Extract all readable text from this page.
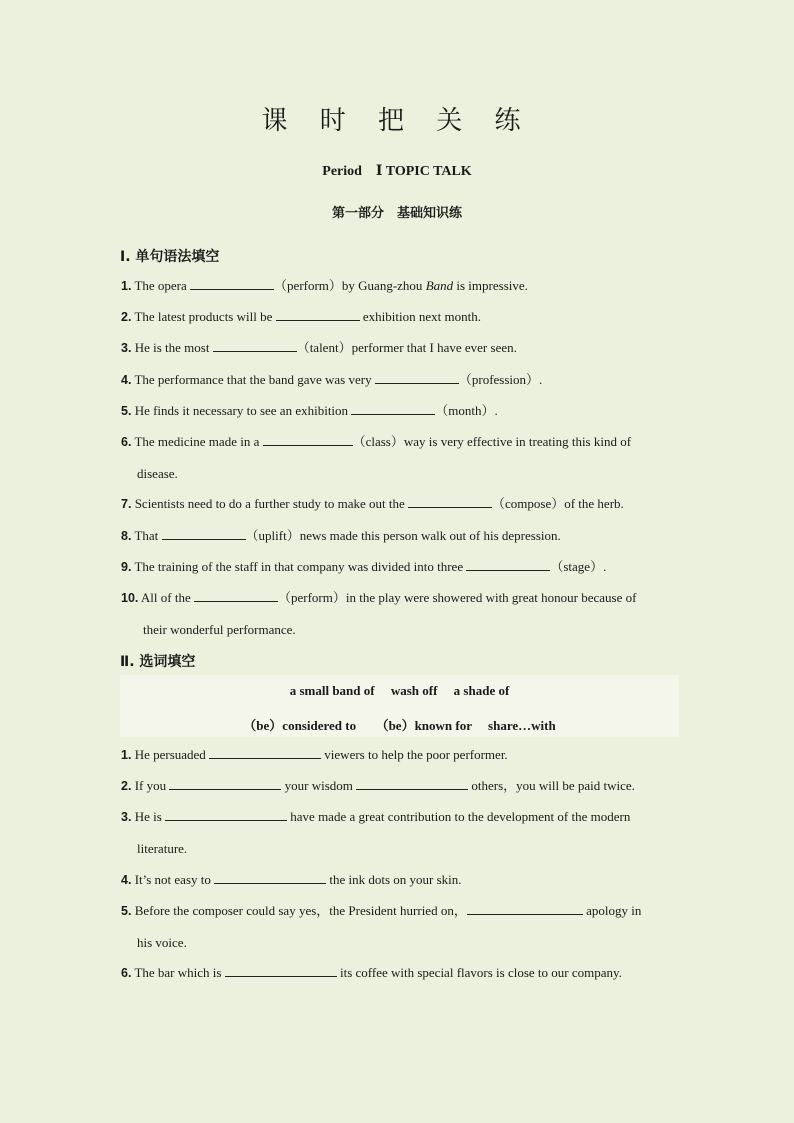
课 时 把 关 练
Period　Ⅰ TOPIC TALK
第一部分　基础知识练
Ⅰ. 单句语法填空
1. The opera	（perform）by Guang-zhou Band is impressive.
2. The latest products will be	exhibition next month.
3. He is the most	（talent）performer that I have ever seen.
4. The performance that the band gave was very	（profession）.
5. He finds it necessary to see an exhibition	（month）.
6. The medicine made in a	（class）way is very effective in treating this kind of
disease.
7. Scientists need to do a further study to make out the	（compose）of the herb.
8. That	（uplift）news made this person walk out of his depression.
9. The training of the staff in that company was divided into three	（stage）.
10. All of the	（perform）in the play were showered with great honour because of
their wonderful performance.
Ⅱ. 选词填空
a small band of     wash off     a shade of
（be）considered to      （be）known for     share…with
1. He persuaded	viewers to help the poor performer.
2. If you	your wisdom	others，you will be paid twice.
3. He is	have made a great contribution to the development of the modern
literature.
4. It’s not easy to	the ink dots on your skin.
5. Before the composer could say yes，the President hurried on，	apology in
his voice.
6. The bar which is	its coffee with special flavors is close to our company.
